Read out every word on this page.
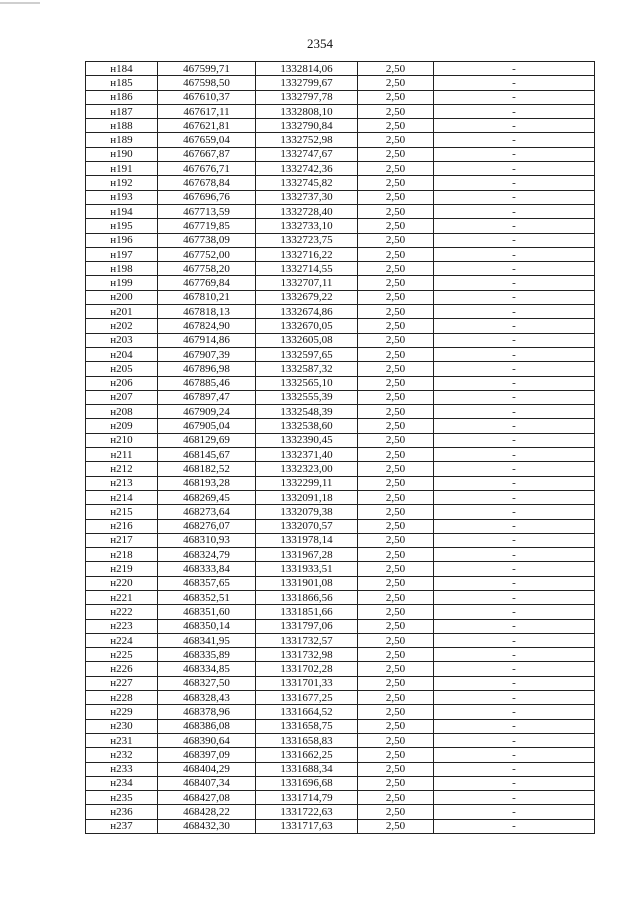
2354
н184	467599,71	1332814,06	2,50	-
н185	467598,50	1332799,67	2,50	-
н186	467610,37	1332797,78	2,50	-
н187	467617,11	1332808,10	2,50	-
н188	467621,81	1332790,84	2,50	-
н189	467659,04	1332752,98	2,50	-
н190	467667,87	1332747,67	2,50	-
н191	467676,71	1332742,36	2,50	-
н192	467678,84	1332745,82	2,50	-
н193	467696,76	1332737,30	2,50	-
н194	467713,59	1332728,40	2,50	-
н195	467719,85	1332733,10	2,50	-
н196	467738,09	1332723,75	2,50	-
н197	467752,00	1332716,22	2,50	-
н198	467758,20	1332714,55	2,50	-
н199	467769,84	1332707,11	2,50	-
н200	467810,21	1332679,22	2,50	-
н201	467818,13	1332674,86	2,50	-
н202	467824,90	1332670,05	2,50	-
н203	467914,86	1332605,08	2,50	-
н204	467907,39	1332597,65	2,50	-
н205	467896,98	1332587,32	2,50	-
н206	467885,46	1332565,10	2,50	-
н207	467897,47	1332555,39	2,50	-
н208	467909,24	1332548,39	2,50	-
н209	467905,04	1332538,60	2,50	-
н210	468129,69	1332390,45	2,50	-
н211	468145,67	1332371,40	2,50	-
н212	468182,52	1332323,00	2,50	-
н213	468193,28	1332299,11	2,50	-
н214	468269,45	1332091,18	2,50	-
н215	468273,64	1332079,38	2,50	-
н216	468276,07	1332070,57	2,50	-
н217	468310,93	1331978,14	2,50	-
н218	468324,79	1331967,28	2,50	-
н219	468333,84	1331933,51	2,50	-
н220	468357,65	1331901,08	2,50	-
н221	468352,51	1331866,56	2,50	-
н222	468351,60	1331851,66	2,50	-
н223	468350,14	1331797,06	2,50	-
н224	468341,95	1331732,57	2,50	-
н225	468335,89	1331732,98	2,50	-
н226	468334,85	1331702,28	2,50	-
н227	468327,50	1331701,33	2,50	-
н228	468328,43	1331677,25	2,50	-
н229	468378,96	1331664,52	2,50	-
н230	468386,08	1331658,75	2,50	-
н231	468390,64	1331658,83	2,50	-
н232	468397,09	1331662,25	2,50	-
н233	468404,29	1331688,34	2,50	-
н234	468407,34	1331696,68	2,50	-
н235	468427,08	1331714,79	2,50	-
н236	468428,22	1331722,63	2,50	-
н237	468432,30	1331717,63	2,50	-
